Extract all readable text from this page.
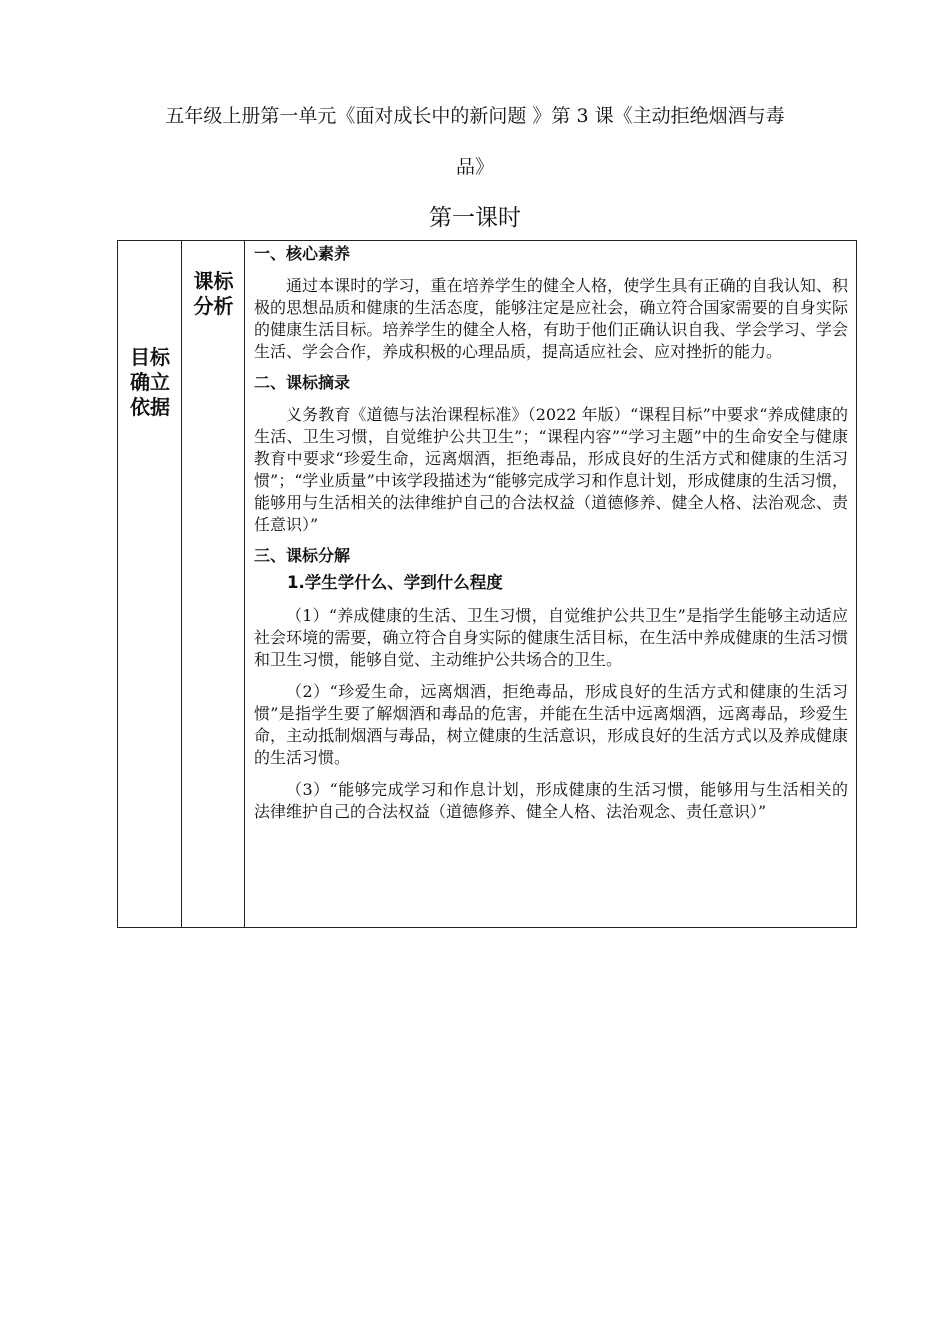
五年级上册第一单元《面对成长中的新问题 》第 3 课《主动拒绝烟酒与毒
品》
第一课时
目标
确立
依据
课标
分析

一、核心素养

通过本课时的学习，重在培养学生的健全人格，使学生具有正确的自我认知、积极的思想品质和健康的生活态度，能够注定是应社会，确立符合国家需要的自身实际的健康生活目标。培养学生的健全人格，有助于他们正确认识自我、学会学习、学会生活、学会合作，养成积极的心理品质，提高适应社会、应对挫折的能力。

二、课标摘录

义务教育《道德与法治课程标准》（2022 年版）“课程目标”中要求“养成健康的生活、卫生习惯，自觉维护公共卫生”；“课程内容”“学习主题”中的生命安全与健康教育中要求“珍爱生命，远离烟酒，拒绝毒品，形成良好的生活方式和健康的生活习惯”；“学业质量”中该学段描述为“能够完成学习和作息计划，形成健康的生活习惯，能够用与生活相关的法律维护自己的合法权益（道德修养、健全人格、法治观念、责任意识）”

三、课标分解

1.学生学什么、学到什么程度

（1）“养成健康的生活、卫生习惯，自觉维护公共卫生”是指学生能够主动适应社会环境的需要，确立符合自身实际的健康生活目标，在生活中养成健康的生活习惯和卫生习惯，能够自觉、主动维护公共场合的卫生。

（2）“珍爱生命，远离烟酒，拒绝毒品，形成良好的生活方式和健康的生活习惯”是指学生要了解烟酒和毒品的危害，并能在生活中远离烟酒，远离毒品，珍爱生命，主动抵制烟酒与毒品，树立健康的生活意识，形成良好的生活方式以及养成健康的生活习惯。

（3）“能够完成学习和作息计划，形成健康的生活习惯，能够用与生活相关的法律维护自己的合法权益（道德修养、健全人格、法治观念、责任意识）”
